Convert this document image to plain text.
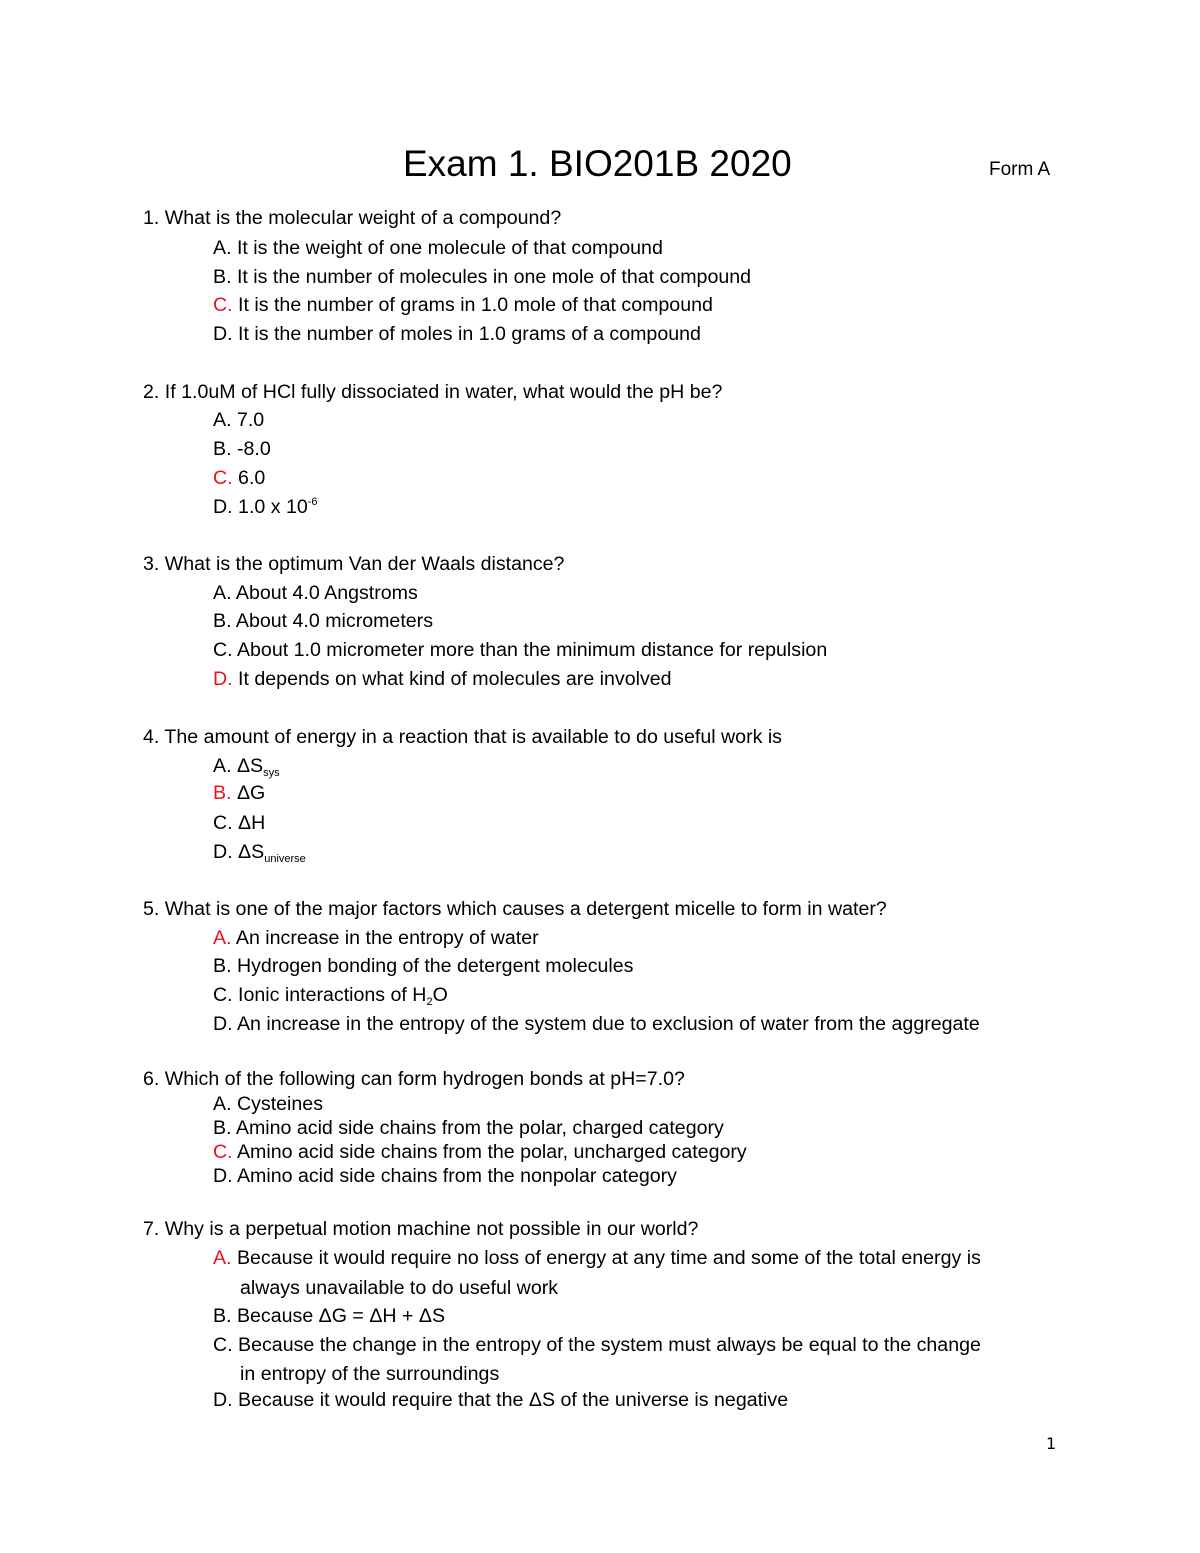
Exam 1. BIO201B 2020	Form A
1. What is the molecular weight of a compound?
A. It is the weight of one molecule of that compound
B. It is the number of molecules in one mole of that compound
C. It is the number of grams in 1.0 mole of that compound
D. It is the number of moles in 1.0 grams of a compound
2. If 1.0uM of HCl fully dissociated in water, what would the pH be?
A. 7.0
B. -8.0
C. 6.0
D. 1.0 x $10^{-6}$
3. What is the optimum Van der Waals distance?
A. About 4.0 Angstroms
B. About 4.0 micrometers
C. About 1.0 micrometer more than the minimum distance for repulsion
D. It depends on what kind of molecules are involved
4. The amount of energy in a reaction that is available to do useful work is
A. $\Delta S_{sys}$
B. ΔG
C. ΔH
D. $\Delta S_{universe}$
5. What is one of the major factors which causes a detergent micelle to form in water?
A. An increase in the entropy of water
B. Hydrogen bonding of the detergent molecules
C. Ionic interactions of $H_2O$
D. An increase in the entropy of the system due to exclusion of water from the aggregate
6. Which of the following can form hydrogen bonds at pH=7.0?
A. Cysteines
B. Amino acid side chains from the polar, charged category
C. Amino acid side chains from the polar, uncharged category
D. Amino acid side chains from the nonpolar category
7. Why is a perpetual motion machine not possible in our world?
A. Because it would require no loss of energy at any time and some of the total energy is
always unavailable to do useful work
B. Because ΔG = ΔH + ΔS
C. Because the change in the entropy of the system must always be equal to the change
in entropy of the surroundings
D. Because it would require that the ΔS of the universe is negative
1
